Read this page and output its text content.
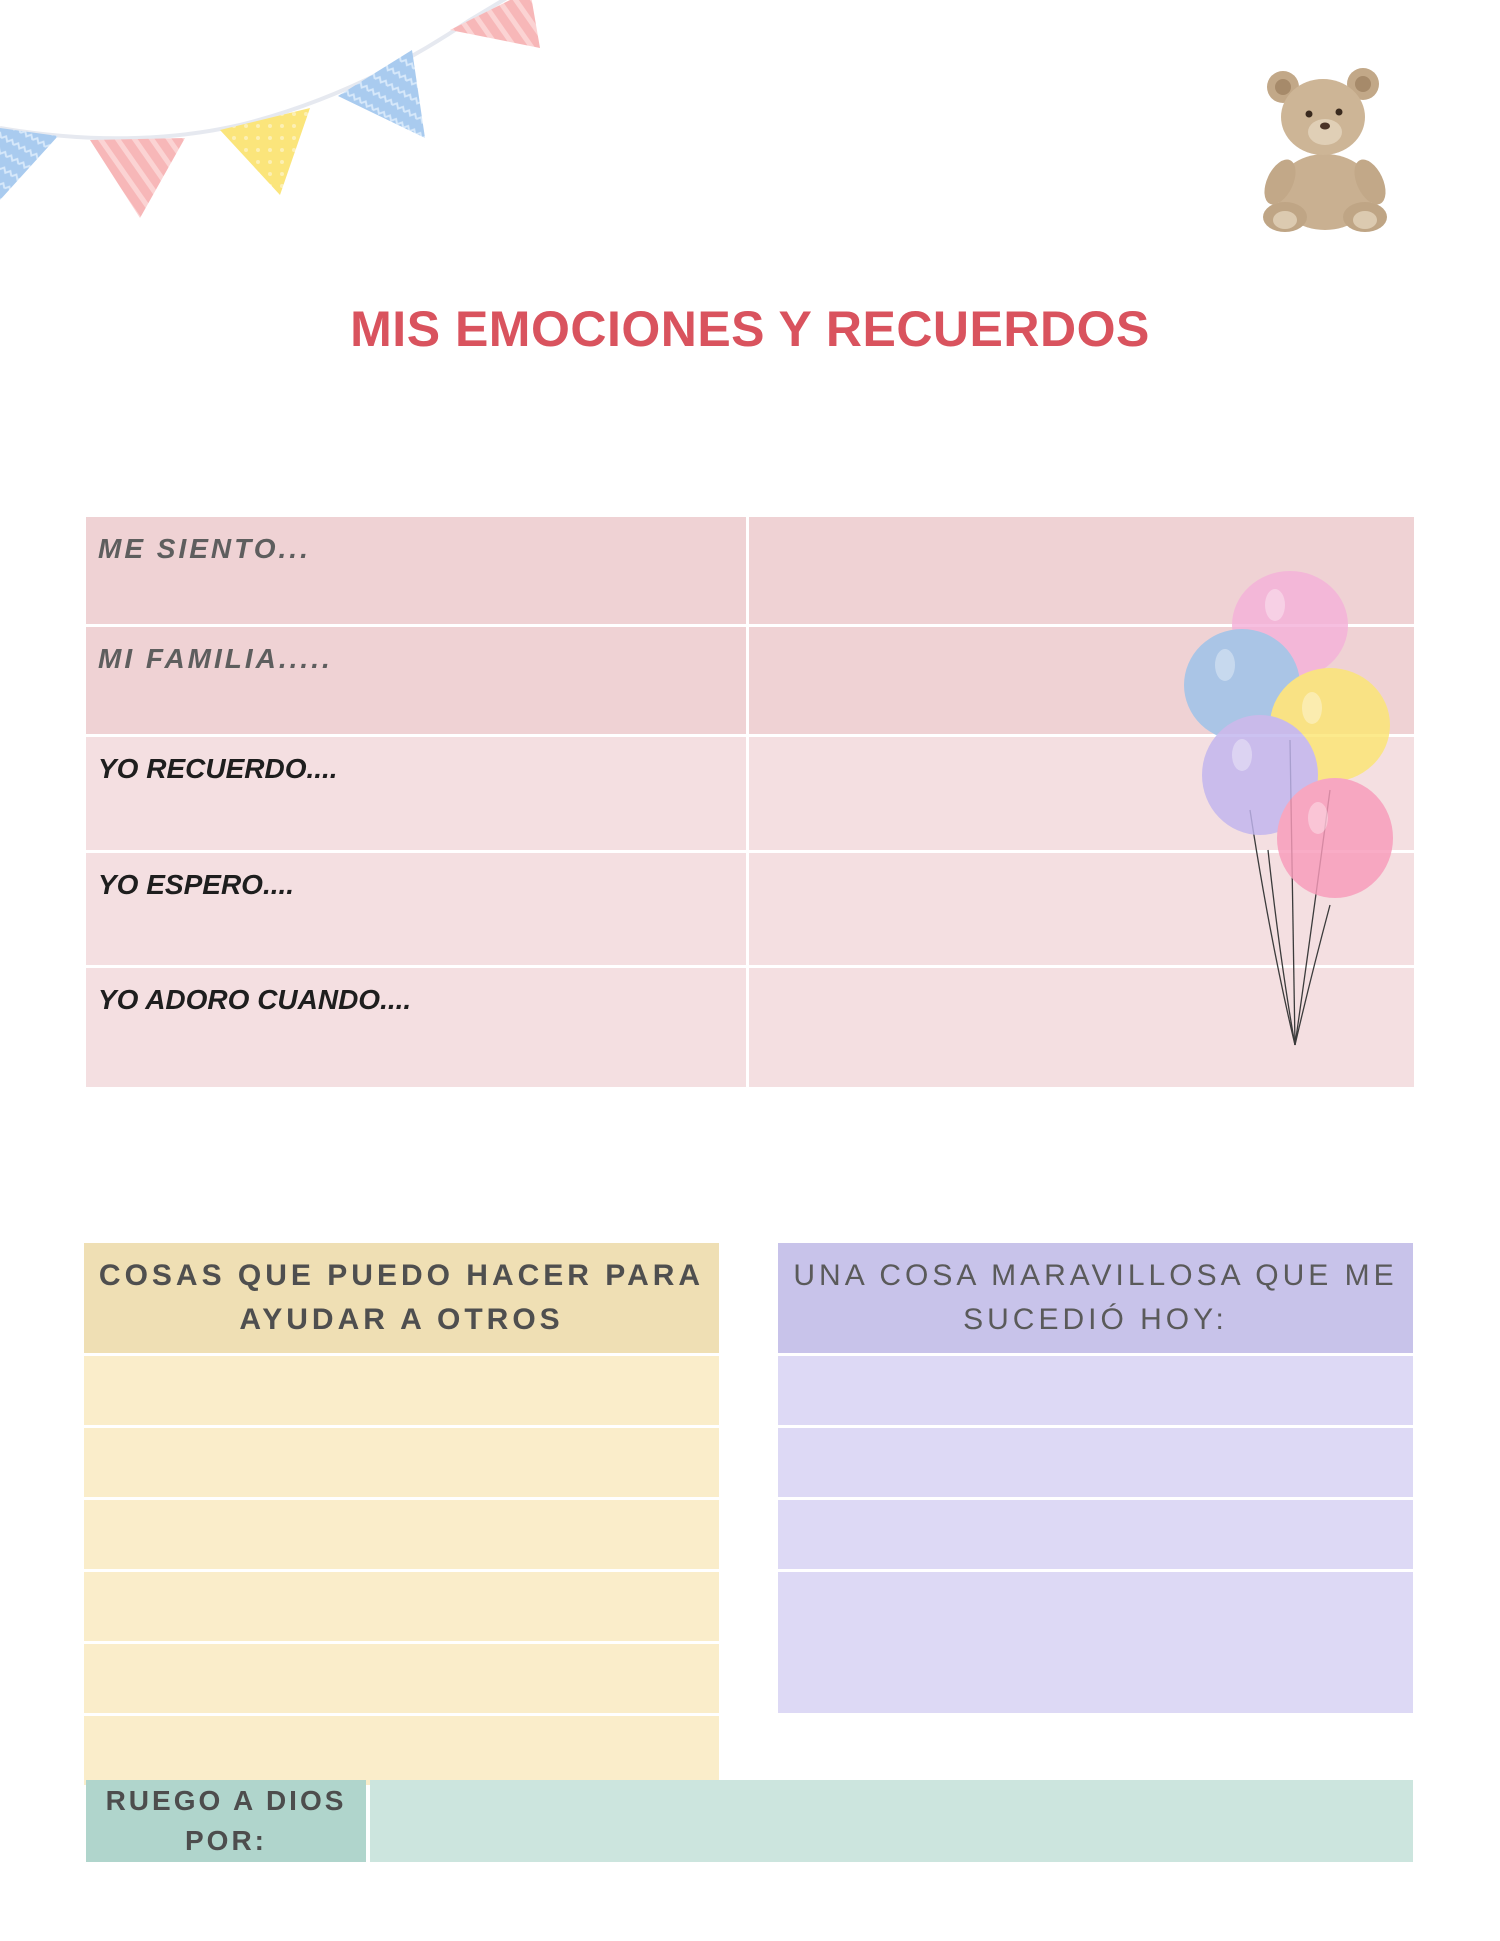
MIS EMOCIONES Y RECUERDOS
ME SIENTO...
MI FAMILIA.....
YO RECUERDO....
YO ESPERO....
YO ADORO CUANDO....
COSAS QUE PUEDO HACER PARA
AYUDAR A OTROS
UNA COSA MARAVILLOSA QUE ME
SUCEDIÓ HOY:
RUEGO A DIOS
POR:
